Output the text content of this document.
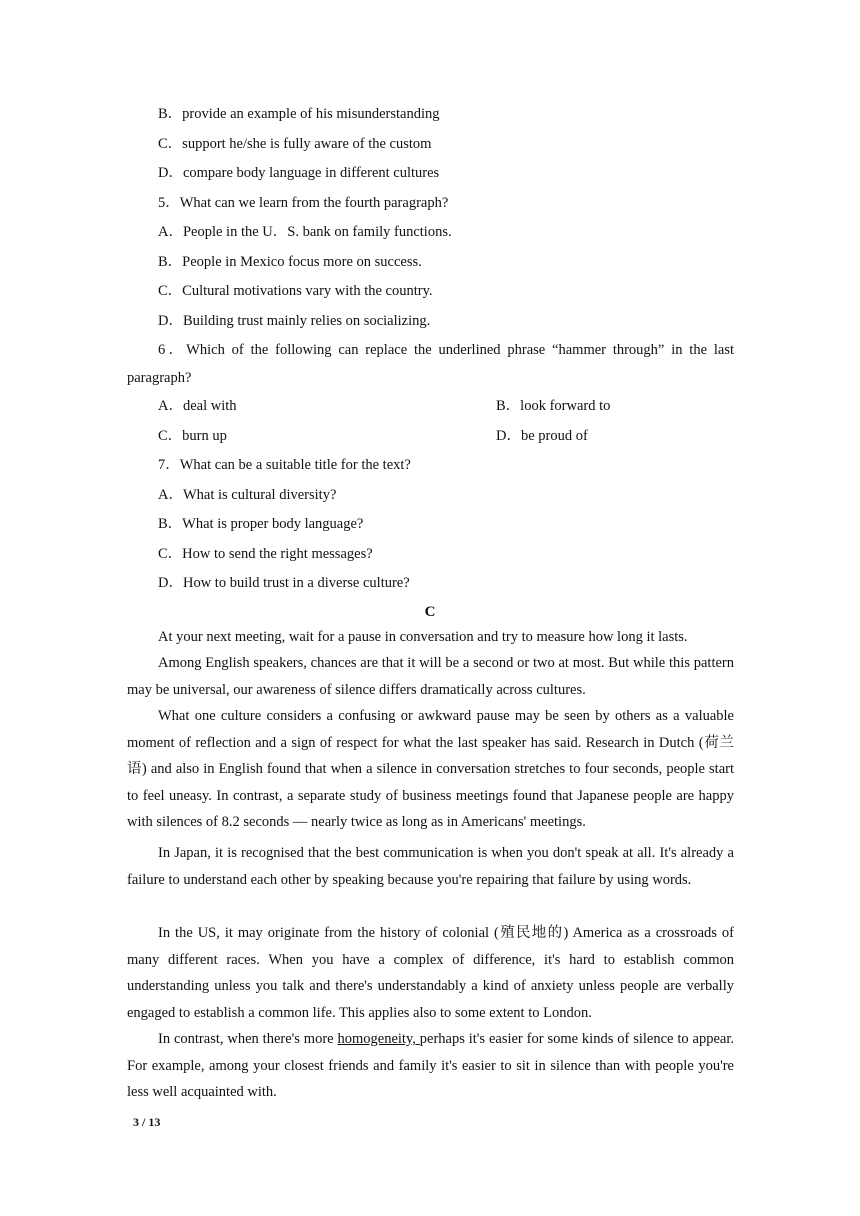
B．provide an example of his misunderstanding
C．support he/she is fully aware of the custom
D．compare body language in different cultures
5．What can we learn from the fourth paragraph?
A．People in the U．S. bank on family functions.
B．People in Mexico focus more on success.
C．Cultural motivations vary with the country.
D．Building trust mainly relies on socializing.

6．Which of the following can replace the underlined phrase “hammer through” in the last paragraph?

A．deal with	B．look forward to
C．burn up	D．be proud of
7．What can be a suitable title for the text?
A．What is cultural diversity?
B．What is proper body language?
C．How to send the right messages?
D．How to build trust in a diverse culture?
C

At your next meeting, wait for a pause in conversation and try to measure how long it lasts.

Among English speakers, chances are that it will be a second or two at most. But while this pattern may be universal, our awareness of silence differs dramatically across cultures.

What one culture considers a confusing or awkward pause may be seen by others as a valuable moment of reflection and a sign of respect for what the last speaker has said. Research in Dutch (荷兰语) and also in English found that when a silence in conversation stretches to four seconds, people start to feel uneasy. In contrast, a separate study of business meetings found that Japanese people are happy with silences of 8.2 seconds — nearly twice as long as in Americans' meetings.

In Japan, it is recognised that the best communication is when you don't speak at all. It's already a failure to understand each other by speaking because you're repairing that failure by using words.

In the US, it may originate from the history of colonial (殖民地的) America as a crossroads of many different races. When you have a complex of difference, it's hard to establish common understanding unless you talk and there's understandably a kind of anxiety unless people are verbally engaged to establish a common life. This applies also to some extent to London.

In contrast, when there's more homogeneity, perhaps it's easier for some kinds of silence to appear. For example, among your closest friends and family it's easier to sit in silence than with people you're less well acquainted with.

3 / 13
